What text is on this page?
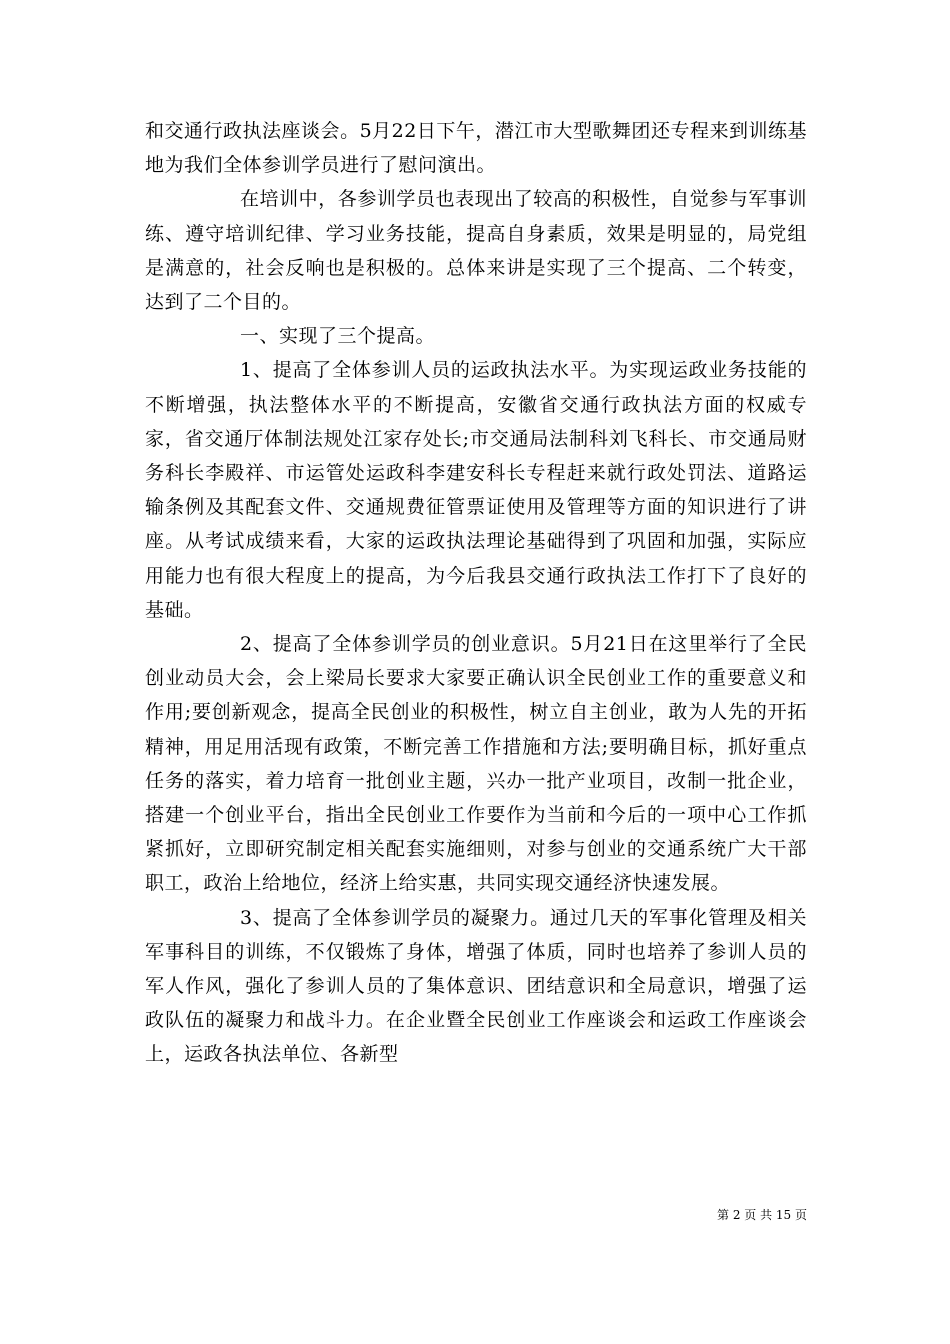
和交通行政执法座谈会。5月22日下午，潜江市大型歌舞团还专程来到训练基地为我们全体参训学员进行了慰问演出。

在培训中，各参训学员也表现出了较高的积极性，自觉参与军事训练、遵守培训纪律、学习业务技能，提高自身素质，效果是明显的，局党组是满意的，社会反响也是积极的。总体来讲是实现了三个提高、二个转变，达到了二个目的。

一、实现了三个提高。

1、提高了全体参训人员的运政执法水平。为实现运政业务技能的不断增强，执法整体水平的不断提高，安徽省交通行政执法方面的权威专家，省交通厅体制法规处江家存处长;市交通局法制科刘飞科长、市交通局财务科长李殿祥、市运管处运政科李建安科长专程赶来就行政处罚法、道路运输条例及其配套文件、交通规费征管票证使用及管理等方面的知识进行了讲座。从考试成绩来看，大家的运政执法理论基础得到了巩固和加强，实际应用能力也有很大程度上的提高，为今后我县交通行政执法工作打下了良好的基础。

2、提高了全体参训学员的创业意识。5月21日在这里举行了全民创业动员大会，会上梁局长要求大家要正确认识全民创业工作的重要意义和作用;要创新观念，提高全民创业的积极性，树立自主创业，敢为人先的开拓精神，用足用活现有政策，不断完善工作措施和方法;要明确目标，抓好重点任务的落实，着力培育一批创业主题，兴办一批产业项目，改制一批企业，搭建一个创业平台，指出全民创业工作要作为当前和今后的一项中心工作抓紧抓好，立即研究制定相关配套实施细则，对参与创业的交通系统广大干部职工，政治上给地位，经济上给实惠，共同实现交通经济快速发展。

3、提高了全体参训学员的凝聚力。通过几天的军事化管理及相关军事科目的训练，不仅锻炼了身体，增强了体质，同时也培养了参训人员的军人作风，强化了参训人员的了集体意识、团结意识和全局意识，增强了运政队伍的凝聚力和战斗力。在企业暨全民创业工作座谈会和运政工作座谈会上，运政各执法单位、各新型

第 2 页 共 15 页
